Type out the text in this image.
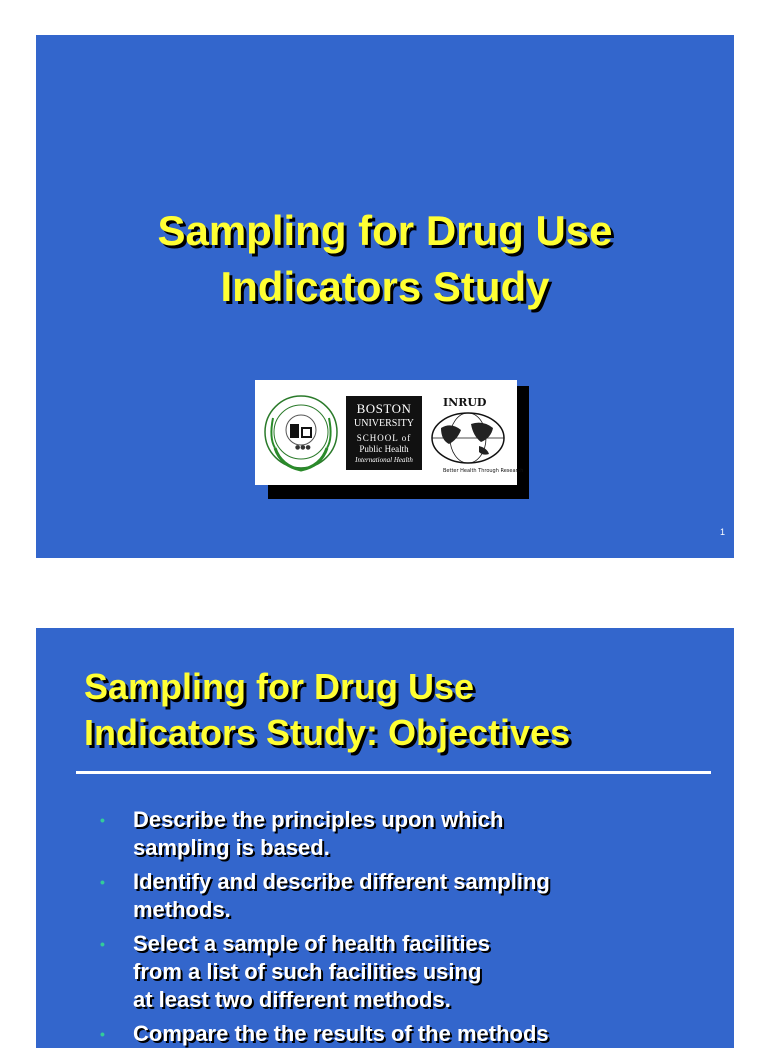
Sampling for Drug Use
Indicators Study
●●●
BOSTON
UNIVERSITY
SCHOOL of
Public Health
International Health
INRUD
Better Health Through Research
1
Sampling for Drug Use
Indicators Study: Objectives
• Describe the principles upon which
sampling is based.
• Identify and describe different sampling
methods.
• Select a sample of health facilities
from a list of such facilities using
at least two different methods.
• Compare the the results of the methods
